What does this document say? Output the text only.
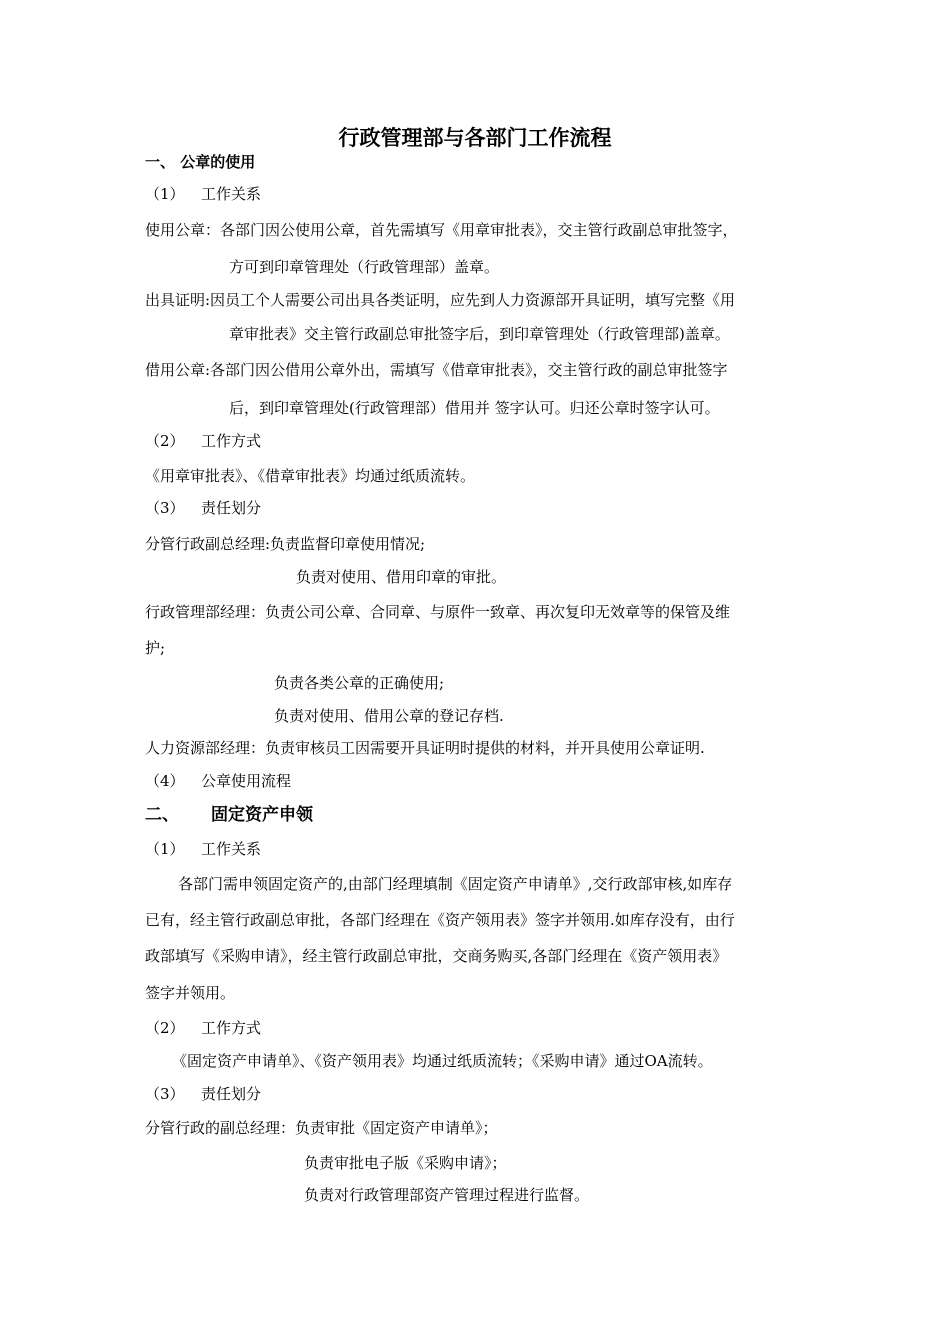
行政管理部与各部门工作流程
一、 公章的使用
（1） 工作关系
使用公章：各部门因公使用公章，首先需填写《用章审批表》，交主管行政副总审批签字，
方可到印章管理处（行政管理部）盖章。
出具证明:因员工个人需要公司出具各类证明，应先到人力资源部开具证明，填写完整《用
章审批表》交主管行政副总审批签字后，到印章管理处（行政管理部)盖章。
借用公章:各部门因公借用公章外出，需填写《借章审批表》，交主管行政的副总审批签字
后，到印章管理处(行政管理部）借用并 签字认可。归还公章时签字认可。
（2） 工作方式
《用章审批表》、《借章审批表》均通过纸质流转。
（3） 责任划分
分管行政副总经理:负责监督印章使用情况;
负责对使用、借用印章的审批。
行政管理部经理：负责公司公章、合同章、与原件一致章、再次复印无效章等的保管及维
护;
负责各类公章的正确使用;
负责对使用、借用公章的登记存档.
人力资源部经理：负责审核员工因需要开具证明时提供的材料，并开具使用公章证明.
（4） 公章使用流程
二、 固定资产申领
（1） 工作关系
各部门需申领固定资产的,由部门经理填制《固定资产申请单》,交行政部审核,如库存
已有，经主管行政副总审批，各部门经理在《资产领用表》签字并领用.如库存没有，由行
政部填写《采购申请》，经主管行政副总审批，交商务购买,各部门经理在《资产领用表》
签字并领用。
（2） 工作方式
《固定资产申请单》、《资产领用表》均通过纸质流转；《采购申请》通过OA流转。
（3） 责任划分
分管行政的副总经理：负责审批《固定资产申请单》；
负责审批电子版《采购申请》；
负责对行政管理部资产管理过程进行监督。
